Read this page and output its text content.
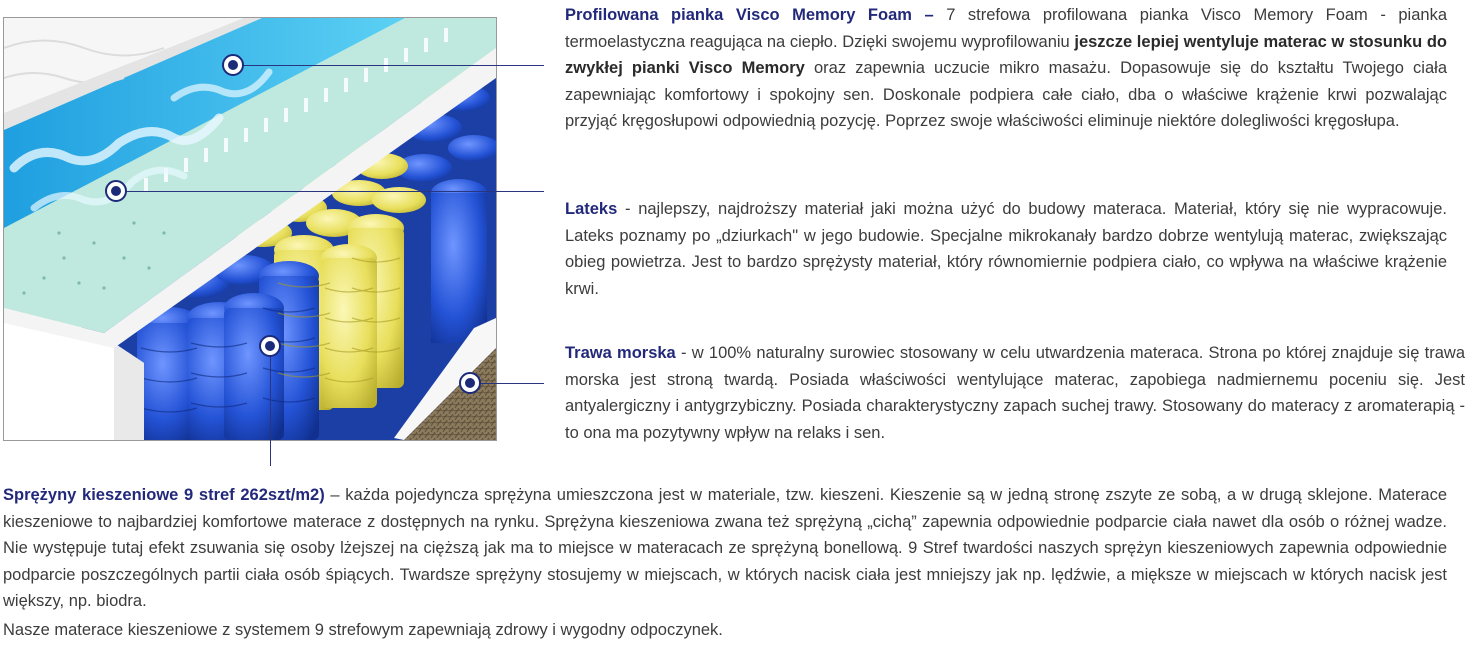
Profilowana pianka Visco Memory Foam – 7 strefowa profilowana pianka Visco Memory Foam - pianka termoelastyczna reagująca na ciepło. Dzięki swojemu wyprofilowaniu jeszcze lepiej wentyluje materac w stosunku do zwykłej pianki Visco Memory oraz zapewnia uczucie mikro masażu. Dopasowuje się do kształtu Twojego ciała zapewniając komfortowy i spokojny sen. Doskonale podpiera całe ciało, dba o właściwe krążenie krwi pozwalając przyjąć kręgosłupowi odpowiednią pozycję. Poprzez swoje właściwości eliminuje niektóre dolegliwości kręgosłupa.

Lateks - najlepszy, najdroższy materiał jaki można użyć do budowy materaca. Materiał, który się nie wypracowuje. Lateks poznamy po „dziurkach" w jego budowie. Specjalne mikrokanały bardzo dobrze wentylują materac, zwiększając obieg powietrza. Jest to bardzo sprężysty materiał, który równomiernie podpiera ciało, co wpływa na właściwe krążenie krwi.

Trawa morska - w 100% naturalny surowiec stosowany w celu utwardzenia materaca. Strona po której znajduje się trawa morska jest stroną twardą. Posiada właściwości wentylujące materac, zapobiega nadmiernemu poceniu się. Jest antyalergiczny i antygrzybiczny. Posiada charakterystyczny zapach suchej trawy. Stosowany do materacy z aromaterapią - to ona ma pozytywny wpływ na relaks i sen.

Sprężyny kieszeniowe 9 stref 262szt/m2) – każda pojedyncza sprężyna umieszczona jest w materiale, tzw. kieszeni. Kieszenie są w jedną stronę zszyte ze sobą, a w drugą sklejone. Materace kieszeniowe to najbardziej komfortowe materace z dostępnych na rynku. Sprężyna kieszeniowa zwana też sprężyną „cichą” zapewnia odpowiednie podparcie ciała nawet dla osób o różnej wadze. Nie występuje tutaj efekt zsuwania się osoby lżejszej na cięższą jak ma to miejsce w materacach ze sprężyną bonellową. 9 Stref twardości naszych sprężyn kieszeniowych zapewnia odpowiednie podparcie poszczególnych partii ciała osób śpiących. Twardsze sprężyny stosujemy w miejscach, w których nacisk ciała jest mniejszy jak np. lędźwie, a miększe w miejscach w których nacisk jest większy, np. biodra.

Nasze materace kieszeniowe z systemem 9 strefowym zapewniają zdrowy i wygodny odpoczynek.
